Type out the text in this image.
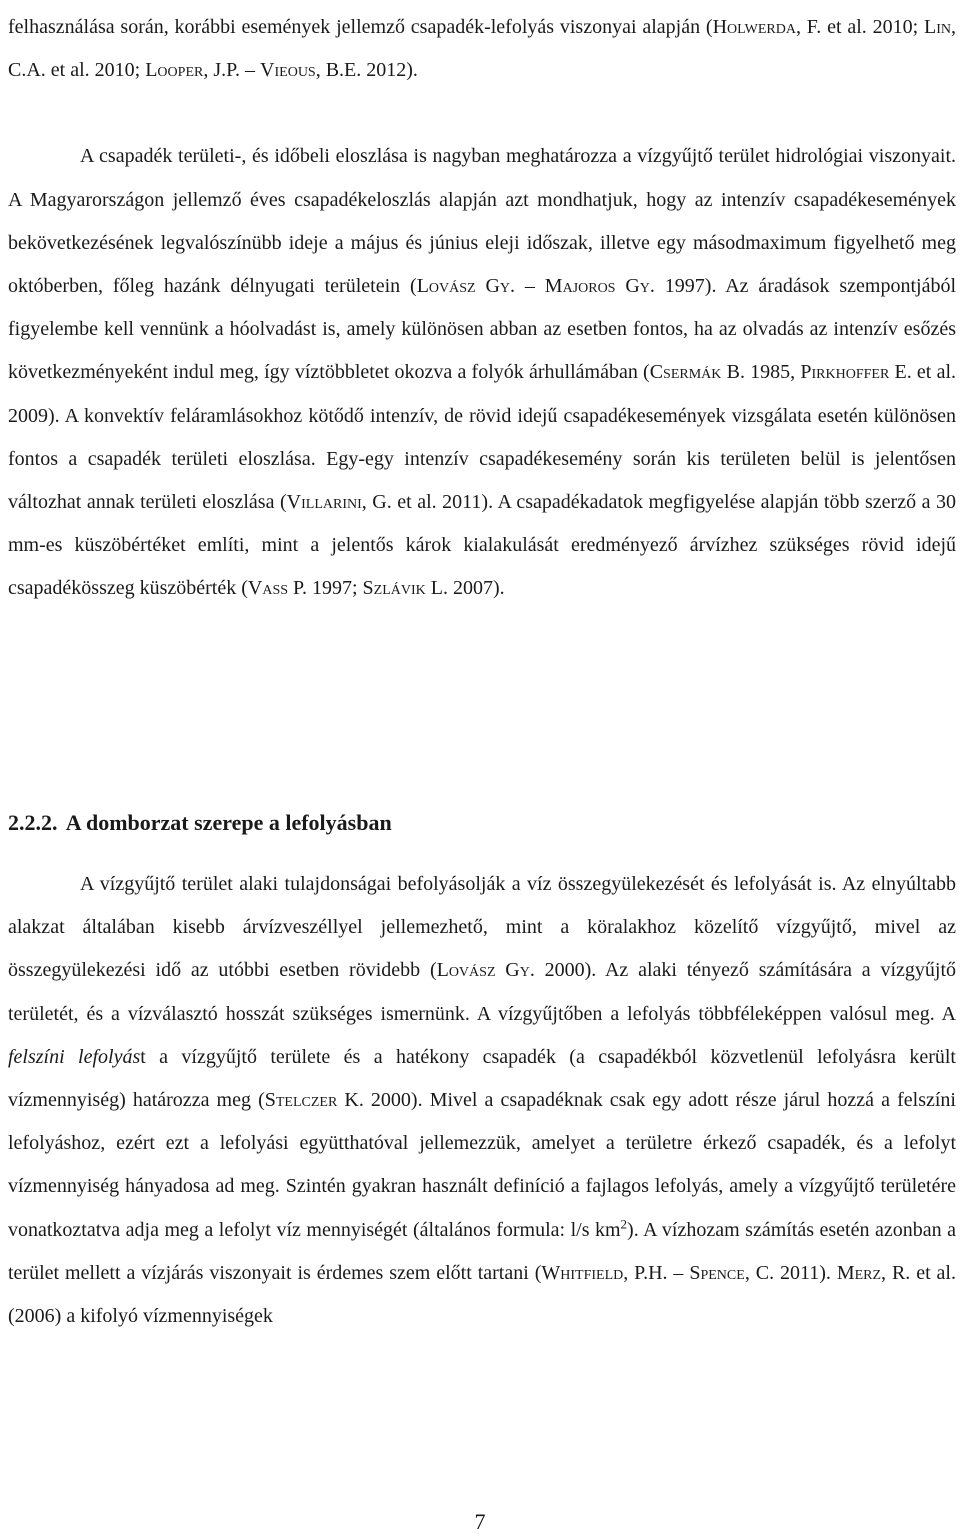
felhasználása során, korábbi események jellemző csapadék-lefolyás viszonyai alapján (Holwerda, F. et al. 2010; Lin, C.A. et al. 2010; Looper, J.P. – Vieous, B.E. 2012).

A csapadék területi-, és időbeli eloszlása is nagyban meghatározza a vízgyűjtő terület hidrológiai viszonyait. A Magyarországon jellemző éves csapadékeloszlás alapján azt mondhatjuk, hogy az intenzív csapadékesemények bekövetkezésének legvalószínübb ideje a május és június eleji időszak, illetve egy másodmaximum figyelhető meg októberben, főleg hazánk délnyugati területein (Lovász Gy. – Majoros Gy. 1997). Az áradások szempontjából figyelembe kell vennünk a hóolvadást is, amely különösen abban az esetben fontos, ha az olvadás az intenzív esőzés következményeként indul meg, így víztöbbletet okozva a folyók árhullámában (Csermák B. 1985, Pirkhoffer E. et al. 2009). A konvektív feláramlásokhoz kötődő intenzív, de rövid idejű csapadékesemények vizsgálata esetén különösen fontos a csapadék területi eloszlása. Egy-egy intenzív csapadékesemény során kis területen belül is jelentősen változhat annak területi eloszlása (Villarini, G. et al. 2011). A csapadékadatok megfigyelése alapján több szerző a 30 mm-es küszöbértéket említi, mint a jelentős károk kialakulását eredményező árvízhez szükséges rövid idejű csapadékösszeg küszöbérték (Vass P. 1997; Szlávik L. 2007).

2.2.2. A domborzat szerepe a lefolyásban

A vízgyűjtő terület alaki tulajdonságai befolyásolják a víz összegyülekezését és lefolyását is. Az elnyúltabb alakzat általában kisebb árvízveszéllyel jellemezhető, mint a köralakhoz közelítő vízgyűjtő, mivel az összegyülekezési idő az utóbbi esetben rövidebb (Lovász Gy. 2000). Az alaki tényező számítására a vízgyűjtő területét, és a vízválasztó hosszát szükséges ismernünk. A vízgyűjtőben a lefolyás többféleképpen valósul meg. A felszíni lefolyást a vízgyűjtő területe és a hatékony csapadék (a csapadékból közvetlenül lefolyásra került vízmennyiség) határozza meg (Stelczer K. 2000). Mivel a csapadéknak csak egy adott része járul hozzá a felszíni lefolyáshoz, ezért ezt a lefolyási együtthatóval jellemezzük, amelyet a területre érkező csapadék, és a lefolyt vízmennyiség hányadosa ad meg. Szintén gyakran használt definíció a fajlagos lefolyás, amely a vízgyűjtő területére vonatkoztatva adja meg a lefolyt víz mennyiségét (általános formula: l/s $km^2$). A vízhozam számítás esetén azonban a terület mellett a vízjárás viszonyait is érdemes szem előtt tartani (Whitfield, P.H. – Spence, C. 2011). Merz, R. et al. (2006) a kifolyó vízmennyiségek

7
